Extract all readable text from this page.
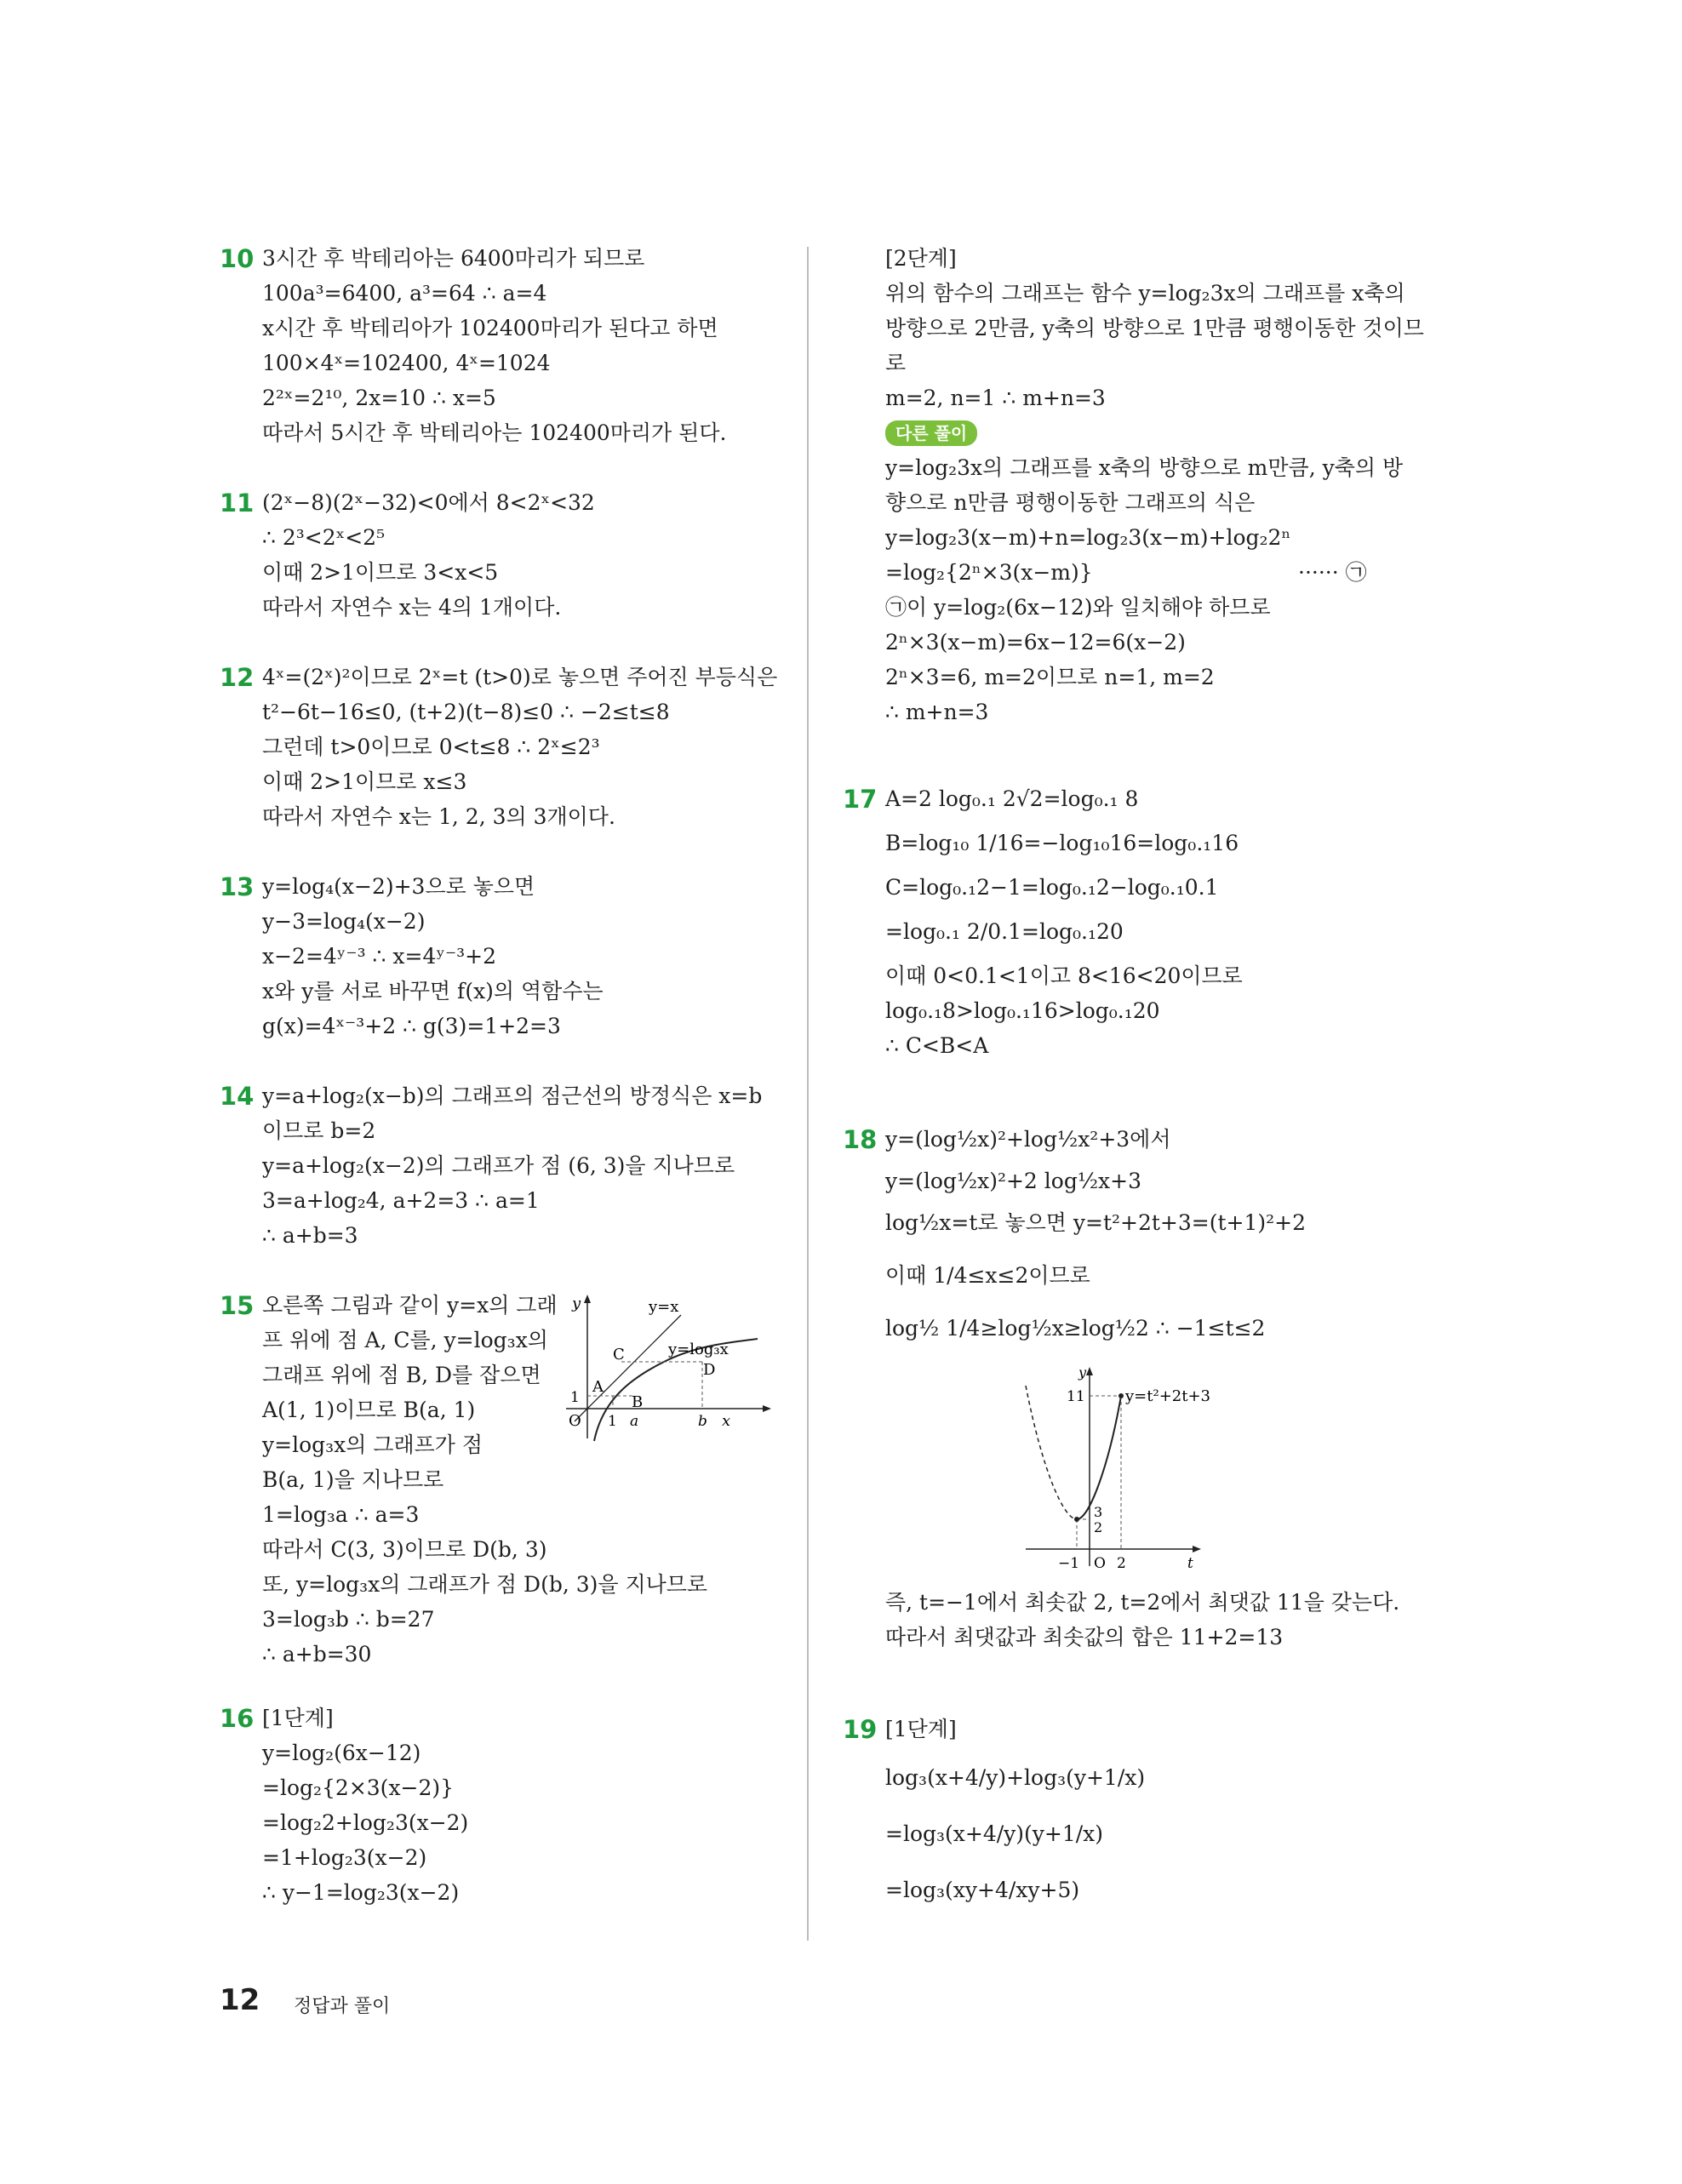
10 3시간 후 박테리아는 6400마리가 되므로
100a³=6400, a³=64 ∴ a=4
x시간 후 박테리아가 102400마리가 된다고 하면
100×4ˣ=102400, 4ˣ=1024
2²ˣ=2¹⁰, 2x=10 ∴ x=5
따라서 5시간 후 박테리아는 102400마리가 된다.
11 (2ˣ−8)(2ˣ−32)<0에서 8<2ˣ<32
∴ 2³<2ˣ<2⁵
이때 2>1이므로 3<x<5
따라서 자연수 x는 4의 1개이다.
12 4ˣ=(2ˣ)²이므로 2ˣ=t (t>0)로 놓으면 주어진 부등식은
t²−6t−16≤0, (t+2)(t−8)≤0 ∴ −2≤t≤8
그런데 t>0이므로 0<t≤8 ∴ 2ˣ≤2³
이때 2>1이므로 x≤3
따라서 자연수 x는 1, 2, 3의 3개이다.
13 y=log₄(x−2)+3으로 놓으면
y−3=log₄(x−2)
x−2=4ʸ⁻³ ∴ x=4ʸ⁻³+2
x와 y를 서로 바꾸면 f(x)의 역함수는
g(x)=4ˣ⁻³+2 ∴ g(3)=1+2=3
14 y=a+log₂(x−b)의 그래프의 점근선의 방정식은 x=b
이므로 b=2
y=a+log₂(x−2)의 그래프가 점 (6, 3)을 지나므로
3=a+log₂4, a+2=3 ∴ a=1
∴ a+b=3
15 오른쪽 그림과 같이 y=x의 그래
프 위에 점 A, C를, y=log₃x의
그래프 위에 점 B, D를 잡으면
A(1, 1)이므로 B(a, 1)
y=log₃x의 그래프가 점
B(a, 1)을 지나므로
1=log₃a ∴ a=3
따라서 C(3, 3)이므로 D(b, 3)
또, y=log₃x의 그래프가 점 D(b, 3)을 지나므로
3=log₃b ∴ b=27
∴ a+b=30
y	y=x
y=log₃x
A
B
C
D
1
O 1 a	b x
16 [1단계]
y=log₂(6x−12)
=log₂{2×3(x−2)}
=log₂2+log₂3(x−2)
=1+log₂3(x−2)
∴ y−1=log₂3(x−2)
[2단계]
위의 함수의 그래프는 함수 y=log₂3x의 그래프를 x축의
방향으로 2만큼, y축의 방향으로 1만큼 평행이동한 것이므
로
m=2, n=1 ∴ m+n=3
다른 풀이
y=log₂3x의 그래프를 x축의 방향으로 m만큼, y축의 방
향으로 n만큼 평행이동한 그래프의 식은
y=log₂3(x−m)+n=log₂3(x−m)+log₂2ⁿ
=log₂{2ⁿ×3(x−m)}	······ ㉠
㉠이 y=log₂(6x−12)와 일치해야 하므로
2ⁿ×3(x−m)=6x−12=6(x−2)
2ⁿ×3=6, m=2이므로 n=1, m=2
∴ m+n=3
17 A=2 log₀.₁ 2√2=log₀.₁ 8
B=log₁₀ 1/16=−log₁₀16=log₀.₁16
C=log₀.₁2−1=log₀.₁2−log₀.₁0.1
=log₀.₁ 2/0.1=log₀.₁20
이때 0<0.1<1이고 8<16<20이므로
log₀.₁8>log₀.₁16>log₀.₁20
∴ C<B<A
18 y=(log½x)²+log½x²+3에서
y=(log½x)²+2 log½x+3
log½x=t로 놓으면 y=t²+2t+3=(t+1)²+2
이때 1/4≤x≤2이므로
log½ 1/4≥log½x≥log½2 ∴ −1≤t≤2
y
y=t²+2t+3
11
3
2
−1 O 2	t
즉, t=−1에서 최솟값 2, t=2에서 최댓값 11을 갖는다.
따라서 최댓값과 최솟값의 합은 11+2=13
19 [1단계]
log₃(x+4/y)+log₃(y+1/x)
=log₃(x+4/y)(y+1/x)
=log₃(xy+4/xy+5)
12 정답과 풀이
